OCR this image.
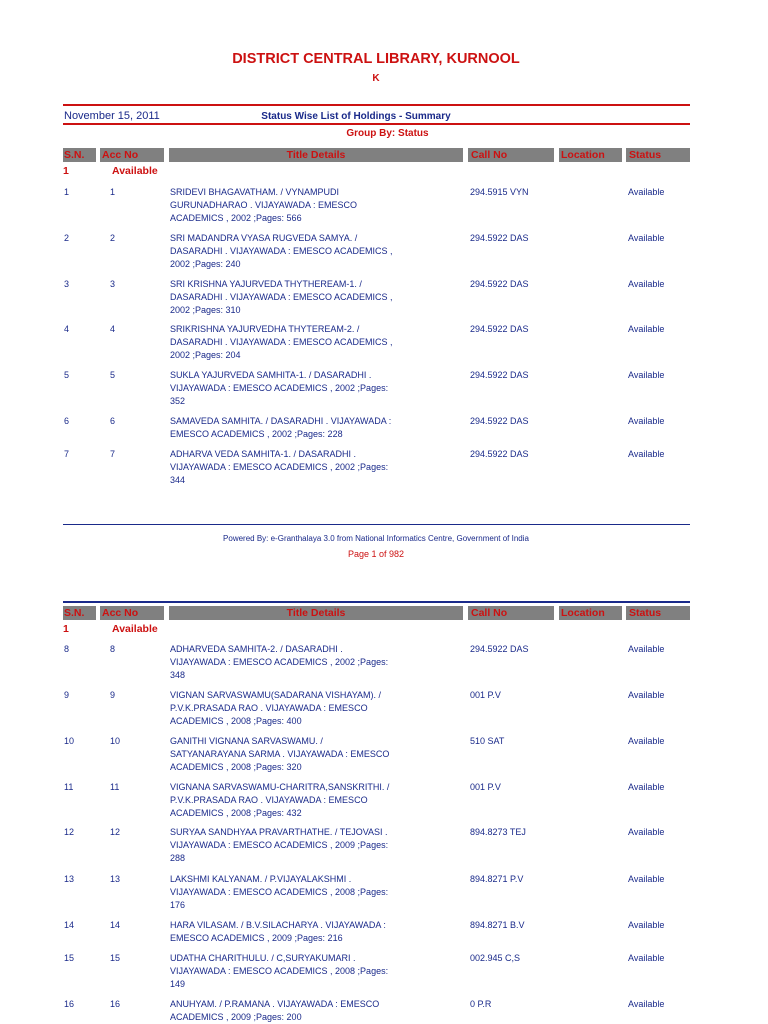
DISTRICT CENTRAL LIBRARY, KURNOOL
K
November 15, 2011	Status Wise List of Holdings - Summary
Group By: Status
S.N. Acc No	Title Details	Call No	Location Status
1	Available
1	1	SRIDEVI BHAGAVATHAM. / VYNAMPUDI
GURUNADHARAO . VIJAYAWADA : EMESCO
ACADEMICS , 2002 ;Pages: 566
294.5915 VYN	Available
2	2	SRI MADANDRA VYASA RUGVEDA SAMYA. /
DASARADHI . VIJAYAWADA : EMESCO ACADEMICS ,
2002 ;Pages: 240
294.5922 DAS	Available
3	3	SRI KRISHNA YAJURVEDA THYTHEREAM-1. /
DASARADHI . VIJAYAWADA : EMESCO ACADEMICS ,
2002 ;Pages: 310
294.5922 DAS	Available
4	4	SRIKRISHNA YAJURVEDHA THYTEREAM-2. /
DASARADHI . VIJAYAWADA : EMESCO ACADEMICS ,
2002 ;Pages: 204
294.5922 DAS	Available
5	5	SUKLA YAJURVEDA SAMHITA-1. / DASARADHI .
VIJAYAWADA : EMESCO ACADEMICS , 2002 ;Pages:
352
294.5922 DAS	Available
6	6	SAMAVEDA SAMHITA. / DASARADHI . VIJAYAWADA :
EMESCO ACADEMICS , 2002 ;Pages: 228
294.5922 DAS	Available
7	7	ADHARVA VEDA SAMHITA-1. / DASARADHI .
VIJAYAWADA : EMESCO ACADEMICS , 2002 ;Pages:
344
294.5922 DAS	Available
Powered By: e-Granthalaya 3.0 from National Informatics Centre, Government of India
Page 1 of 982
S.N. Acc No	Title Details	Call No	Location Status
1	Available
8	8	ADHARVEDA SAMHITA-2. / DASARADHI .
VIJAYAWADA : EMESCO ACADEMICS , 2002 ;Pages:
348
294.5922 DAS	Available
9	9	VIGNAN SARVASWAMU(SADARANA VISHAYAM). /
P.V.K.PRASADA RAO . VIJAYAWADA : EMESCO
ACADEMICS , 2008 ;Pages: 400
001 P.V	Available
10	10	GANITHI VIGNANA SARVASWAMU. /
SATYANARAYANA SARMA . VIJAYAWADA : EMESCO
ACADEMICS , 2008 ;Pages: 320
510 SAT	Available
11	11	VIGNANA SARVASWAMU-CHARITRA,SANSKRITHI. /
P.V.K.PRASADA RAO . VIJAYAWADA : EMESCO
ACADEMICS , 2008 ;Pages: 432
001 P.V	Available
12	12	SURYAA SANDHYAA PRAVARTHATHE. / TEJOVASI .
VIJAYAWADA : EMESCO ACADEMICS , 2009 ;Pages:
288
894.8273 TEJ	Available
13	13	LAKSHMI KALYANAM. / P.VIJAYALAKSHMI .
VIJAYAWADA : EMESCO ACADEMICS , 2008 ;Pages:
176
894.8271 P.V	Available
14	14	HARA VILASAM. / B.V.SILACHARYA . VIJAYAWADA :
EMESCO ACADEMICS , 2009 ;Pages: 216
894.8271 B.V	Available
15	15	UDATHA CHARITHULU. / C,SURYAKUMARI .
VIJAYAWADA : EMESCO ACADEMICS , 2008 ;Pages:
149
002.945 C,S	Available
16	16	ANUHYAM. / P.RAMANA . VIJAYAWADA : EMESCO
ACADEMICS , 2009 ;Pages: 200
0 P.R	Available
